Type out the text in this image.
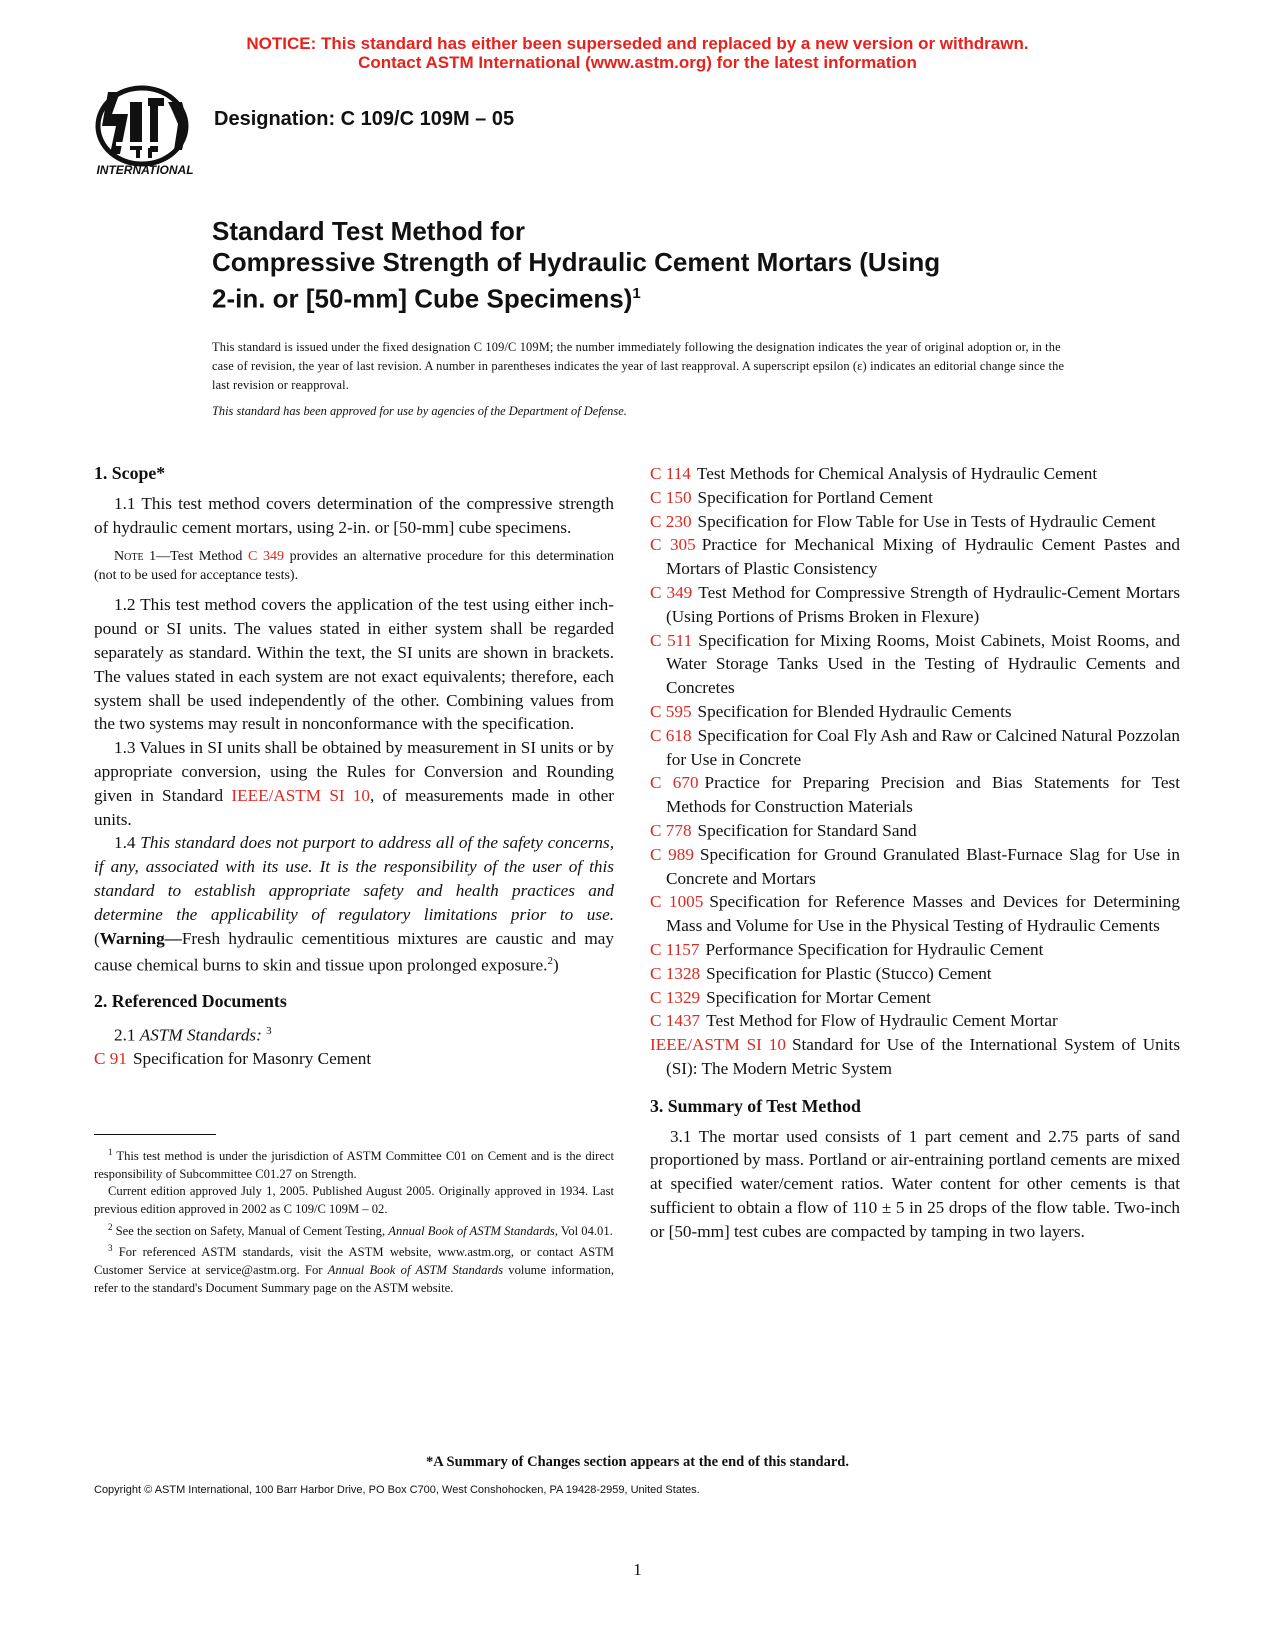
NOTICE: This standard has either been superseded and replaced by a new version or withdrawn.
Contact ASTM International (www.astm.org) for the latest information
INTERNATIONAL
Designation: C 109/C 109M – 05
Standard Test Method for
Compressive Strength of Hydraulic Cement Mortars (Using
2-in. or [50-mm] Cube Specimens)$^1$
This standard is issued under the fixed designation C 109/C 109M; the number immediately following the designation indicates the year of original adoption or, in the case of revision, the year of last revision. A number in parentheses indicates the year of last reapproval. A superscript epsilon (ε) indicates an editorial change since the last revision or reapproval.
This standard has been approved for use by agencies of the Department of Defense.
1. Scope*

1.1 This test method covers determination of the compressive strength of hydraulic cement mortars, using 2-in. or [50-mm] cube specimens.

Note 1—Test Method C 349 provides an alternative procedure for this determination (not to be used for acceptance tests).

1.2 This test method covers the application of the test using either inch-pound or SI units. The values stated in either system shall be regarded separately as standard. Within the text, the SI units are shown in brackets. The values stated in each system are not exact equivalents; therefore, each system shall be used independently of the other. Combining values from the two systems may result in nonconformance with the specification.

1.3 Values in SI units shall be obtained by measurement in SI units or by appropriate conversion, using the Rules for Conversion and Rounding given in Standard IEEE/ASTM SI 10, of measurements made in other units.

1.4 This standard does not purport to address all of the safety concerns, if any, associated with its use. It is the responsibility of the user of this standard to establish appropriate safety and health practices and determine the applicability of regulatory limitations prior to use. (Warning—Fresh hydraulic cementitious mixtures are caustic and may cause chemical burns to skin and tissue upon prolonged exposure.$^2$)

2. Referenced Documents

2.1 ASTM Standards: $^3$

C 91 Specification for Masonry Cement

C 114 Test Methods for Chemical Analysis of Hydraulic Cement

C 150 Specification for Portland Cement

C 230 Specification for Flow Table for Use in Tests of Hydraulic Cement

C 305 Practice for Mechanical Mixing of Hydraulic Cement Pastes and Mortars of Plastic Consistency

C 349 Test Method for Compressive Strength of Hydraulic-Cement Mortars (Using Portions of Prisms Broken in Flexure)

C 511 Specification for Mixing Rooms, Moist Cabinets, Moist Rooms, and Water Storage Tanks Used in the Testing of Hydraulic Cements and Concretes

C 595 Specification for Blended Hydraulic Cements

C 618 Specification for Coal Fly Ash and Raw or Calcined Natural Pozzolan for Use in Concrete

C 670 Practice for Preparing Precision and Bias Statements for Test Methods for Construction Materials

C 778 Specification for Standard Sand

C 989 Specification for Ground Granulated Blast-Furnace Slag for Use in Concrete and Mortars

C 1005 Specification for Reference Masses and Devices for Determining Mass and Volume for Use in the Physical Testing of Hydraulic Cements

C 1157 Performance Specification for Hydraulic Cement

C 1328 Specification for Plastic (Stucco) Cement

C 1329 Specification for Mortar Cement

C 1437 Test Method for Flow of Hydraulic Cement Mortar

IEEE/ASTM SI 10 Standard for Use of the International System of Units (SI): The Modern Metric System

3. Summary of Test Method

3.1 The mortar used consists of 1 part cement and 2.75 parts of sand proportioned by mass. Portland or air-entraining portland cements are mixed at specified water/cement ratios. Water content for other cements is that sufficient to obtain a flow of 110 ± 5 in 25 drops of the flow table. Two-inch or [50-mm] test cubes are compacted by tamping in two layers.

$^1$ This test method is under the jurisdiction of ASTM Committee C01 on Cement and is the direct responsibility of Subcommittee C01.27 on Strength.

Current edition approved July 1, 2005. Published August 2005. Originally approved in 1934. Last previous edition approved in 2002 as C 109/C 109M – 02.

$^2$ See the section on Safety, Manual of Cement Testing, Annual Book of ASTM Standards, Vol 04.01.

$^3$ For referenced ASTM standards, visit the ASTM website, www.astm.org, or contact ASTM Customer Service at service@astm.org. For Annual Book of ASTM Standards volume information, refer to the standard's Document Summary page on the ASTM website.

*A Summary of Changes section appears at the end of this standard.
Copyright © ASTM International, 100 Barr Harbor Drive, PO Box C700, West Conshohocken, PA 19428-2959, United States.
1
